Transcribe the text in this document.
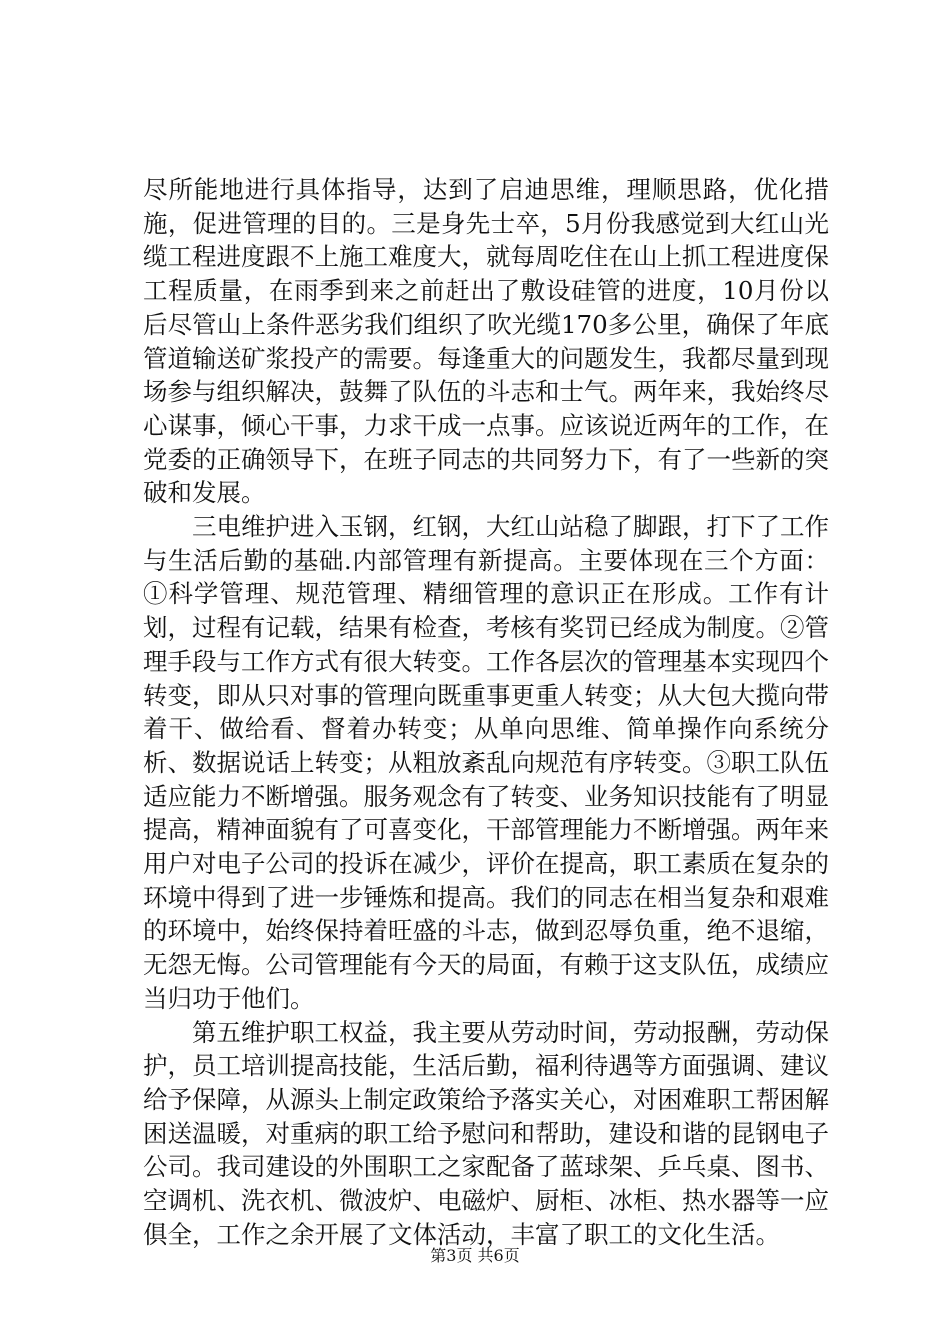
尽所能地进行具体指导，达到了启迪思维，理顺思路，优化措施，促进管理的目的。三是身先士卒，5月份我感觉到大红山光缆工程进度跟不上施工难度大，就每周吃住在山上抓工程进度保工程质量，在雨季到来之前赶出了敷设硅管的进度，10月份以后尽管山上条件恶劣我们组织了吹光缆170多公里，确保了年底管道输送矿浆投产的需要。每逢重大的问题发生，我都尽量到现场参与组织解决，鼓舞了队伍的斗志和士气。两年来，我始终尽心谋事，倾心干事，力求干成一点事。应该说近两年的工作，在党委的正确领导下，在班子同志的共同努力下，有了一些新的突破和发展。

三电维护进入玉钢，红钢，大红山站稳了脚跟，打下了工作与生活后勤的基础.内部管理有新提高。主要体现在三个方面：①科学管理、规范管理、精细管理的意识正在形成。工作有计划，过程有记载，结果有检查，考核有奖罚已经成为制度。②管理手段与工作方式有很大转变。工作各层次的管理基本实现四个转变，即从只对事的管理向既重事更重人转变；从大包大揽向带着干、做给看、督着办转变；从单向思维、简单操作向系统分析、数据说话上转变；从粗放紊乱向规范有序转变。③职工队伍适应能力不断增强。服务观念有了转变、业务知识技能有了明显提高，精神面貌有了可喜变化，干部管理能力不断增强。两年来用户对电子公司的投诉在减少，评价在提高，职工素质在复杂的环境中得到了进一步锤炼和提高。我们的同志在相当复杂和艰难的环境中，始终保持着旺盛的斗志，做到忍辱负重，绝不退缩，无怨无悔。公司管理能有今天的局面，有赖于这支队伍，成绩应当归功于他们。

第五维护职工权益，我主要从劳动时间，劳动报酬，劳动保护，员工培训提高技能，生活后勤，福利待遇等方面强调、建议给予保障，从源头上制定政策给予落实关心，对困难职工帮困解困送温暖，对重病的职工给予慰问和帮助，建设和谐的昆钢电子公司。我司建设的外围职工之家配备了蓝球架、乒乓桌、图书、空调机、洗衣机、微波炉、电磁炉、厨柜、冰柜、热水器等一应俱全，工作之余开展了文体活动，丰富了职工的文化生活。

第3页 共6页
